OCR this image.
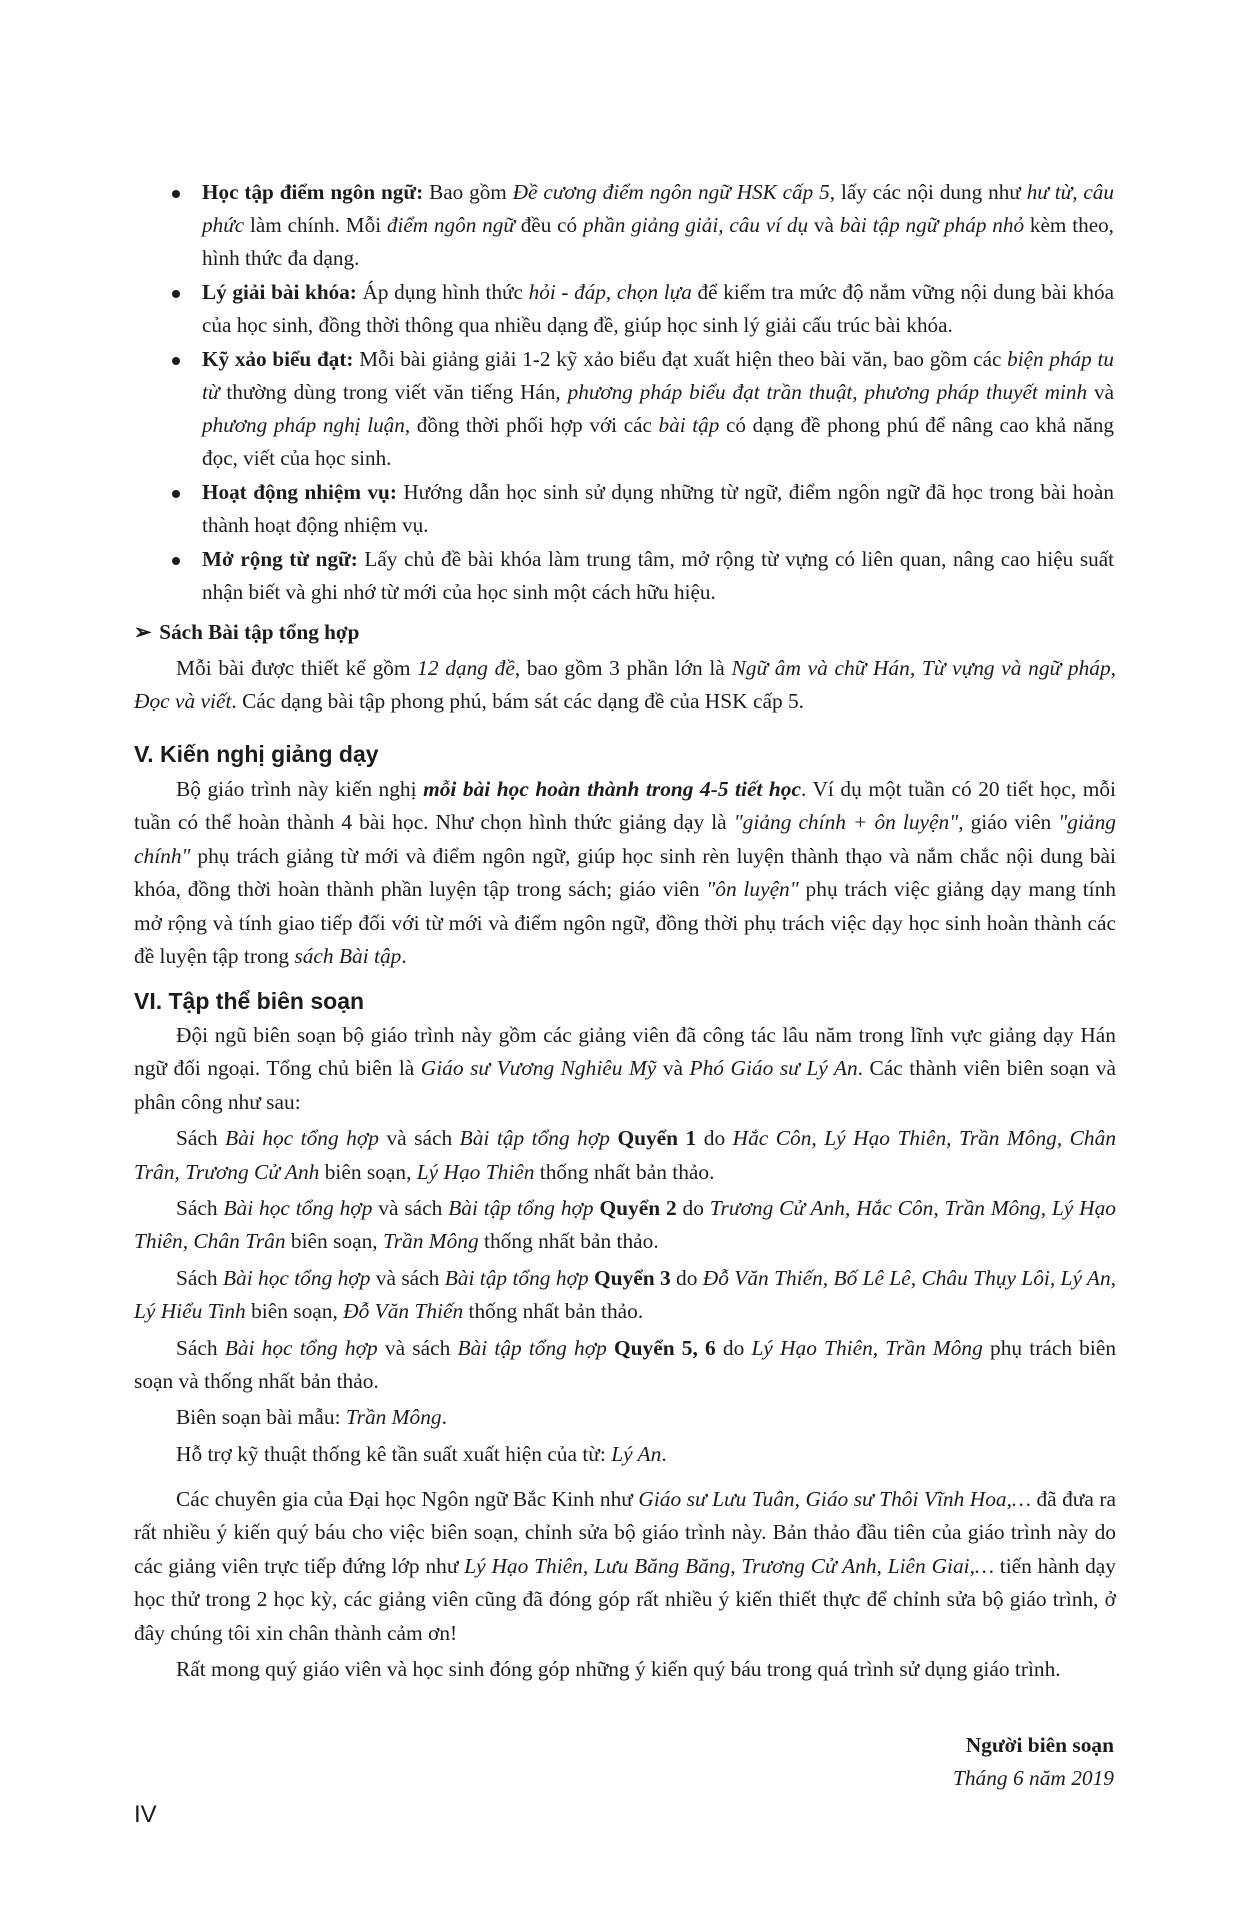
Học tập điểm ngôn ngữ: Bao gồm Đề cương điểm ngôn ngữ HSK cấp 5, lấy các nội dung như hư từ, câu phức làm chính. Mỗi điểm ngôn ngữ đều có phần giảng giải, câu ví dụ và bài tập ngữ pháp nhỏ kèm theo, hình thức đa dạng.
Lý giải bài khóa: Áp dụng hình thức hỏi - đáp, chọn lựa để kiểm tra mức độ nắm vững nội dung bài khóa của học sinh, đồng thời thông qua nhiều dạng đề, giúp học sinh lý giải cấu trúc bài khóa.
Kỹ xảo biểu đạt: Mỗi bài giảng giải 1-2 kỹ xảo biểu đạt xuất hiện theo bài văn, bao gồm các biện pháp tu từ thường dùng trong viết văn tiếng Hán, phương pháp biểu đạt trần thuật, phương pháp thuyết minh và phương pháp nghị luận, đồng thời phối hợp với các bài tập có dạng đề phong phú để nâng cao khả năng đọc, viết của học sinh.
Hoạt động nhiệm vụ: Hướng dẫn học sinh sử dụng những từ ngữ, điểm ngôn ngữ đã học trong bài hoàn thành hoạt động nhiệm vụ.
Mở rộng từ ngữ: Lấy chủ đề bài khóa làm trung tâm, mở rộng từ vựng có liên quan, nâng cao hiệu suất nhận biết và ghi nhớ từ mới của học sinh một cách hữu hiệu.
➢ Sách Bài tập tổng hợp

Mỗi bài được thiết kế gồm 12 dạng đề, bao gồm 3 phần lớn là Ngữ âm và chữ Hán, Từ vựng và ngữ pháp, Đọc và viết. Các dạng bài tập phong phú, bám sát các dạng đề của HSK cấp 5.

V. Kiến nghị giảng dạy

Bộ giáo trình này kiến nghị mỗi bài học hoàn thành trong 4-5 tiết học. Ví dụ một tuần có 20 tiết học, mỗi tuần có thể hoàn thành 4 bài học. Như chọn hình thức giảng dạy là "giảng chính + ôn luyện", giáo viên "giảng chính" phụ trách giảng từ mới và điểm ngôn ngữ, giúp học sinh rèn luyện thành thạo và nắm chắc nội dung bài khóa, đồng thời hoàn thành phần luyện tập trong sách; giáo viên "ôn luyện" phụ trách việc giảng dạy mang tính mở rộng và tính giao tiếp đối với từ mới và điểm ngôn ngữ, đồng thời phụ trách việc dạy học sinh hoàn thành các đề luyện tập trong sách Bài tập.

VI. Tập thể biên soạn

Đội ngũ biên soạn bộ giáo trình này gồm các giảng viên đã công tác lâu năm trong lĩnh vực giảng dạy Hán ngữ đối ngoại. Tổng chủ biên là Giáo sư Vương Nghiêu Mỹ và Phó Giáo sư Lý An. Các thành viên biên soạn và phân công như sau:

Sách Bài học tổng hợp và sách Bài tập tổng hợp Quyển 1 do Hắc Côn, Lý Hạo Thiên, Trần Mông, Chân Trân, Trương Cử Anh biên soạn, Lý Hạo Thiên thống nhất bản thảo.

Sách Bài học tổng hợp và sách Bài tập tổng hợp Quyển 2 do Trương Cử Anh, Hắc Côn, Trần Mông, Lý Hạo Thiên, Chân Trân biên soạn, Trần Mông thống nhất bản thảo.

Sách Bài học tổng hợp và sách Bài tập tổng hợp Quyển 3 do Đỗ Văn Thiến, Bố Lê Lê, Châu Thụy Lôi, Lý An, Lý Hiểu Tinh biên soạn, Đỗ Văn Thiến thống nhất bản thảo.

Sách Bài học tổng hợp và sách Bài tập tổng hợp Quyển 5, 6 do Lý Hạo Thiên, Trần Mông phụ trách biên soạn và thống nhất bản thảo.

Biên soạn bài mẫu: Trần Mông.

Hỗ trợ kỹ thuật thống kê tần suất xuất hiện của từ: Lý An.

Các chuyên gia của Đại học Ngôn ngữ Bắc Kinh như Giáo sư Lưu Tuân, Giáo sư Thôi Vĩnh Hoa,… đã đưa ra rất nhiều ý kiến quý báu cho việc biên soạn, chỉnh sửa bộ giáo trình này. Bản thảo đầu tiên của giáo trình này do các giảng viên trực tiếp đứng lớp như Lý Hạo Thiên, Lưu Băng Băng, Trương Cử Anh, Liên Giai,… tiến hành dạy học thử trong 2 học kỳ, các giảng viên cũng đã đóng góp rất nhiều ý kiến thiết thực để chỉnh sửa bộ giáo trình, ở đây chúng tôi xin chân thành cảm ơn!

Rất mong quý giáo viên và học sinh đóng góp những ý kiến quý báu trong quá trình sử dụng giáo trình.

Người biên soạn
Tháng 6 năm 2019
IV
